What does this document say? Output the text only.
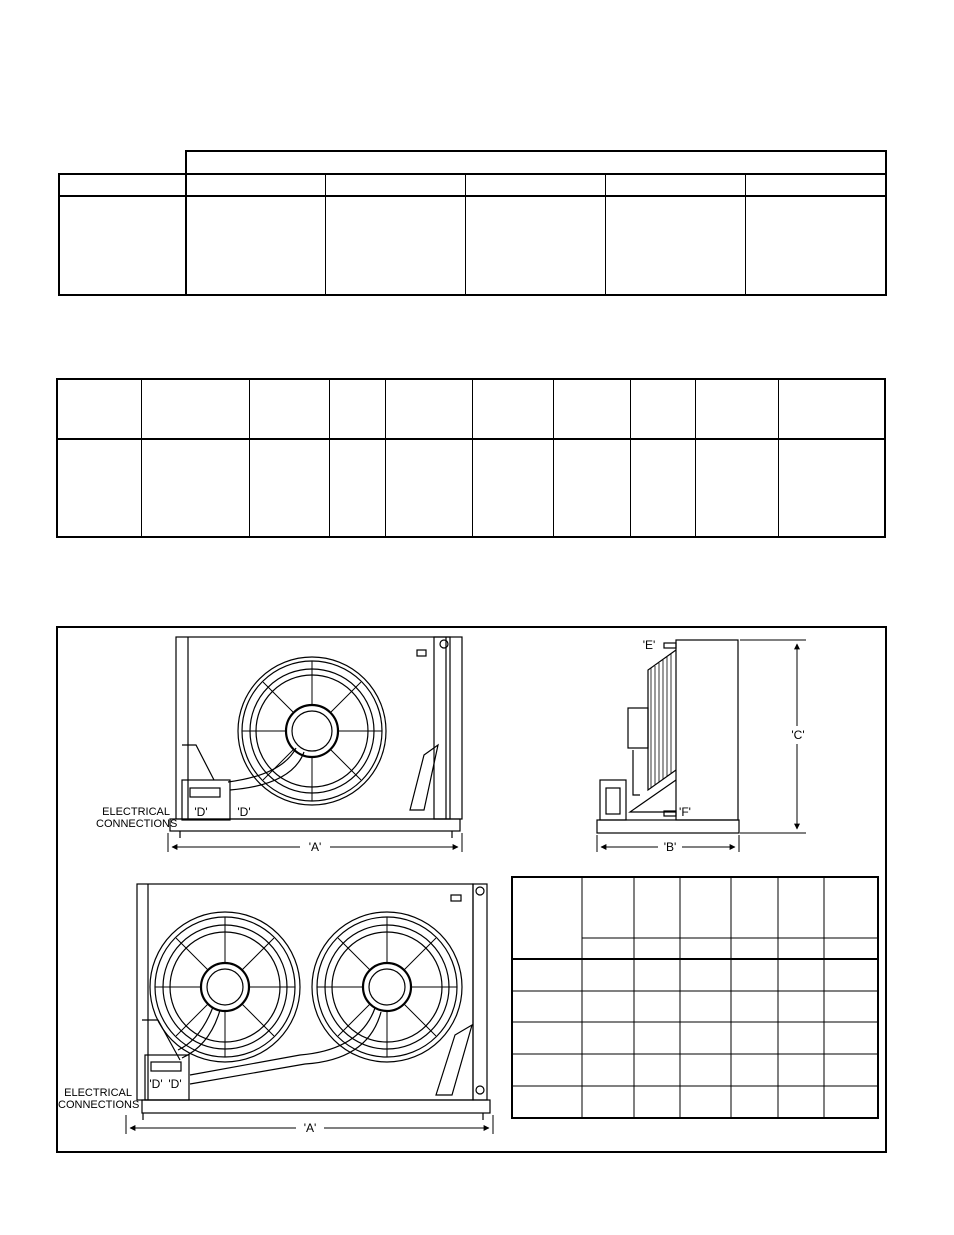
ELECTRICAL
CONNECTIONS
'D'	'D'
'A'
'E'
'F'
'C'
'B'
ELECTRICAL
CONNECTIONS
'D' 'D'
'A'
